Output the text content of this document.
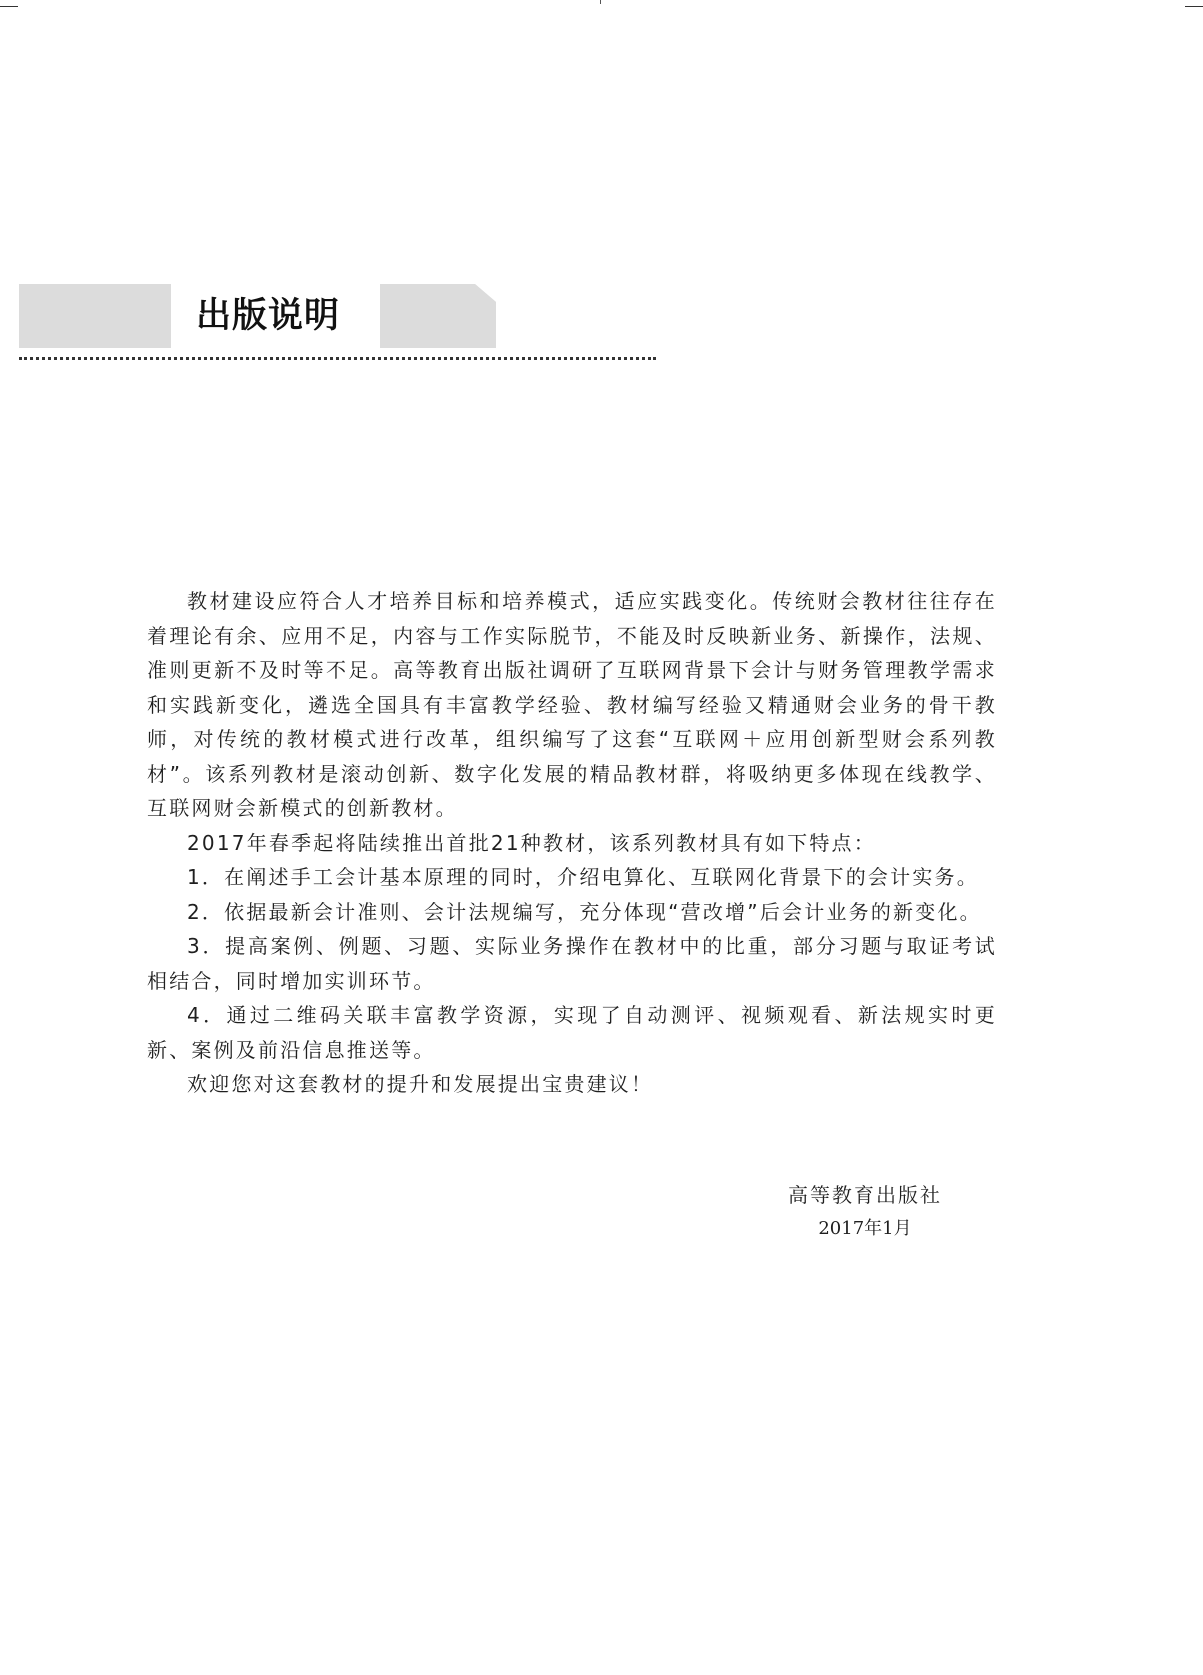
出版说明

教材建设应符合人才培养目标和培养模式，适应实践变化。传统财会教材往往存在着理论有余、应用不足，内容与工作实际脱节，不能及时反映新业务、新操作，法规、准则更新不及时等不足。高等教育出版社调研了互联网背景下会计与财务管理教学需求和实践新变化，遴选全国具有丰富教学经验、教材编写经验又精通财会业务的骨干教师，对传统的教材模式进行改革，组织编写了这套“互联网＋应用创新型财会系列教材”。该系列教材是滚动创新、数字化发展的精品教材群，将吸纳更多体现在线教学、互联网财会新模式的创新教材。

2017年春季起将陆续推出首批21种教材，该系列教材具有如下特点：

1．在阐述手工会计基本原理的同时，介绍电算化、互联网化背景下的会计实务。

2．依据最新会计准则、会计法规编写，充分体现“营改增”后会计业务的新变化。

3．提高案例、例题、习题、实际业务操作在教材中的比重，部分习题与取证考试相结合，同时增加实训环节。

4．通过二维码关联丰富教学资源，实现了自动测评、视频观看、新法规实时更新、案例及前沿信息推送等。

欢迎您对这套教材的提升和发展提出宝贵建议！

高等教育出版社
2017年1月
